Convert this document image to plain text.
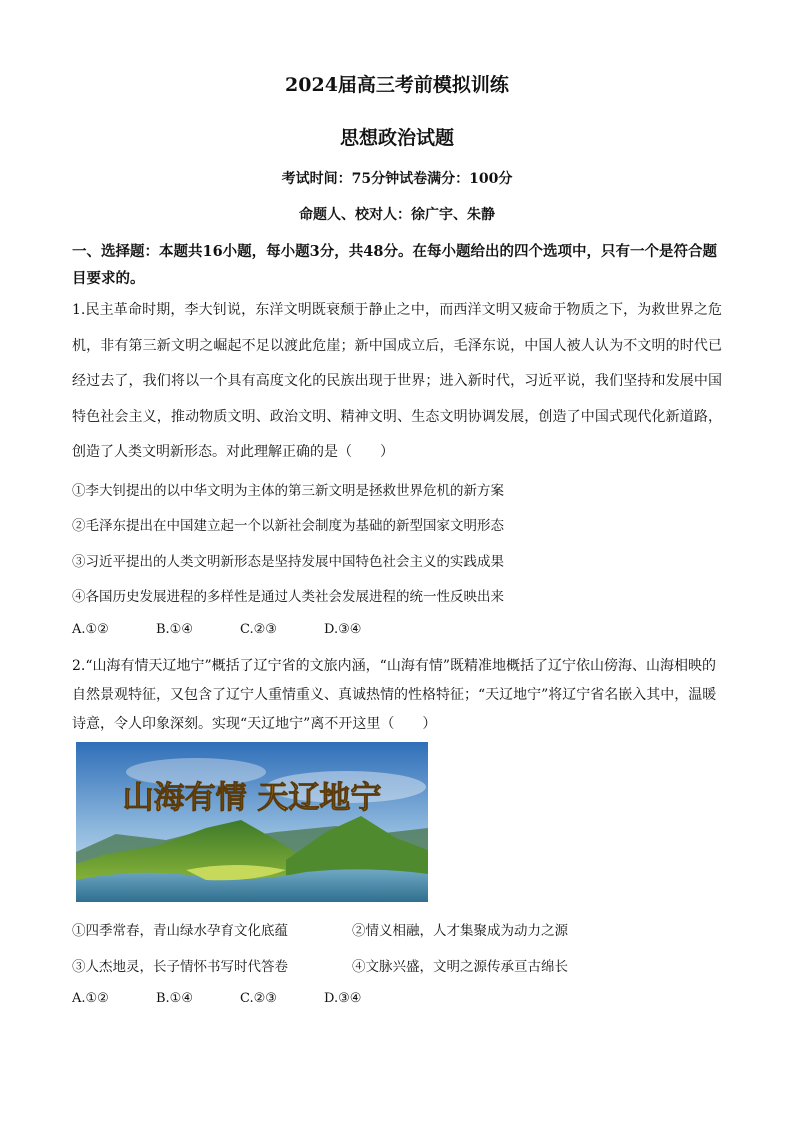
2024届高三考前模拟训练
思想政治试题
考试时间：75分钟试卷满分：100分
命题人、校对人：徐广宇、朱静
一、选择题：本题共16小题，每小题3分，共48分。在每小题给出的四个选项中，只有一个是符合题目要求的。
1.民主革命时期，李大钊说，东洋文明既衰颓于静止之中，而西洋文明又疲命于物质之下，为救世界之危机，非有第三新文明之崛起不足以渡此危崖；新中国成立后，毛泽东说，中国人被人认为不文明的时代已经过去了，我们将以一个具有高度文化的民族出现于世界；进入新时代，习近平说，我们坚持和发展中国特色社会主义，推动物质文明、政治文明、精神文明、生态文明协调发展，创造了中国式现代化新道路，创造了人类文明新形态。对此理解正确的是（　　）
①李大钊提出的以中华文明为主体的第三新文明是拯救世界危机的新方案
②毛泽东提出在中国建立起一个以新社会制度为基础的新型国家文明形态
③习近平提出的人类文明新形态是坚持发展中国特色社会主义的实践成果
④各国历史发展进程的多样性是通过人类社会发展进程的统一性反映出来
A.①②	B.①④	C.②③	D.③④
2.“山海有情天辽地宁”概括了辽宁省的文旅内涵，“山海有情”既精准地概括了辽宁依山傍海、山海相映的自然景观特征，又包含了辽宁人重情重义、真诚热情的性格特征；“天辽地宁”将辽宁省名嵌入其中，温暖诗意，令人印象深刻。实现“天辽地宁”离不开这里（　　）
山海有情 天辽地宁
①四季常春，青山绿水孕育文化底蕴	②情义相融，人才集聚成为动力之源
③人杰地灵，长子情怀书写时代答卷	④文脉兴盛，文明之源传承亘古绵长
A.①②	B.①④	C.②③	D.③④
